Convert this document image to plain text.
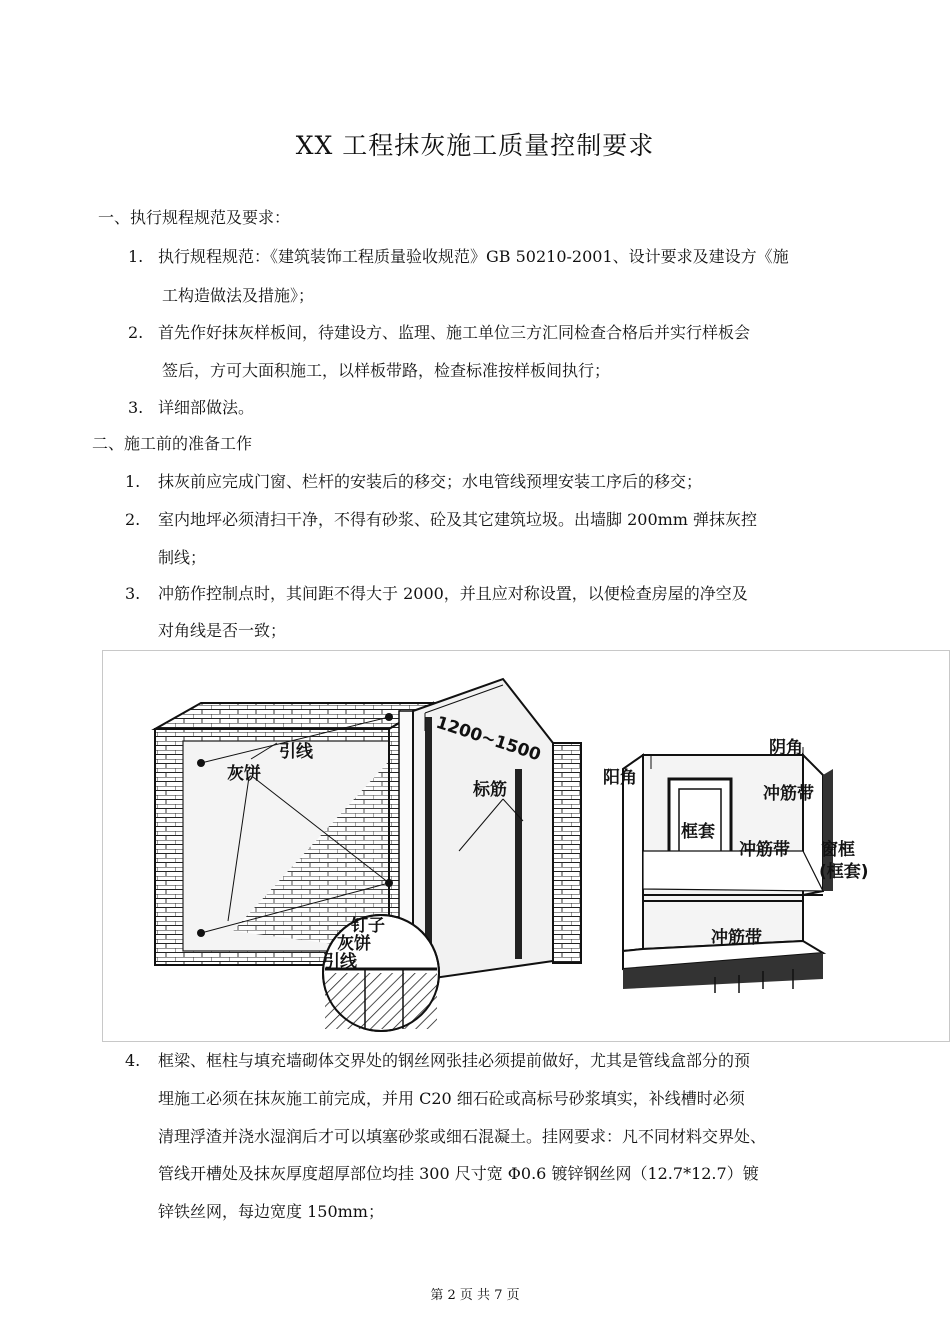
XX 工程抹灰施工质量控制要求
一、执行规程规范及要求：
1. 执行规程规范：《建筑装饰工程质量验收规范》GB 50210-2001、设计要求及建设方《施
工构造做法及措施》；
2. 首先作好抹灰样板间，待建设方、监理、施工单位三方汇同检查合格后并实行样板会
签后，方可大面积施工，以样板带路，检查标准按样板间执行；
3. 详细部做法。
二、施工前的准备工作
1. 抹灰前应完成门窗、栏杆的安装后的移交；水电管线预埋安装工序后的移交；
2. 室内地坪必须清扫干净，不得有砂浆、砼及其它建筑垃圾。出墙脚 200mm 弹抹灰控
制线；
3. 冲筋作控制点时，其间距不得大于 2000，并且应对称设置，以便检查房屋的净空及
对角线是否一致；
1200~1500
引线
灰饼
标筋
钉子
灰饼
引线
阳角
阴角
框套
冲筋带
冲筋带
冲筋带
窗框
(框套)
4. 框梁、框柱与填充墙砌体交界处的钢丝网张挂必须提前做好，尤其是管线盒部分的预
埋施工必须在抹灰施工前完成，并用 C20 细石砼或高标号砂浆填实，补线槽时必须
清理浮渣并浇水湿润后才可以填塞砂浆或细石混凝土。挂网要求：凡不同材料交界处、
管线开槽处及抹灰厚度超厚部位均挂 300 尺寸宽 Φ0.6 镀锌钢丝网（12.7*12.7）镀
锌铁丝网，每边宽度 150mm；
第 2 页 共 7 页
